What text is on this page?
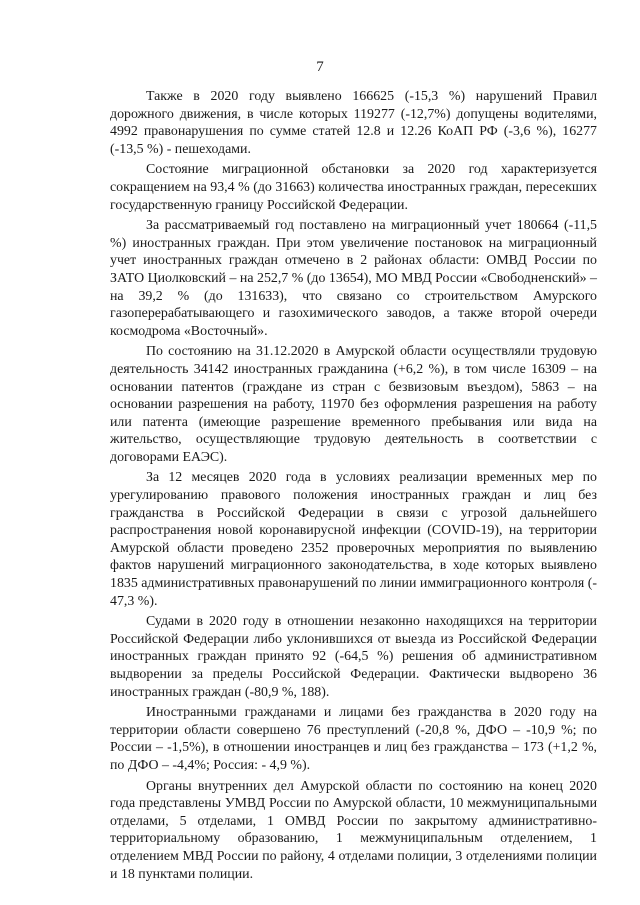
7

Также в 2020 году выявлено 166625 (-15,3 %) нарушений Правил дорожного движения, в числе которых 119277 (-12,7%) допущены водителями, 4992 правонарушения по сумме статей 12.8 и 12.26 КоАП РФ (-3,6 %), 16277 (-13,5 %) - пешеходами.

Состояние миграционной обстановки за 2020 год характеризуется сокращением на 93,4 % (до 31663) количества иностранных граждан, пересекших государственную границу Российской Федерации.

За рассматриваемый год поставлено на миграционный учет 180664 (-11,5 %) иностранных граждан. При этом увеличение постановок на миграционный учет иностранных граждан отмечено в 2 районах области: ОМВД России по ЗАТО Циолковский – на 252,7 % (до 13654), МО МВД России «Свободненский» – на 39,2 % (до 131633), что связано со строительством Амурского газоперерабатывающего и газохимического заводов, а также второй очереди космодрома «Восточный».

По состоянию на 31.12.2020 в Амурской области осуществляли трудовую деятельность 34142 иностранных гражданина (+6,2 %), в том числе 16309 – на основании патентов (граждане из стран с безвизовым въездом), 5863 – на основании разрешения на работу, 11970 без оформления разрешения на работу или патента (имеющие разрешение временного пребывания или вида на жительство, осуществляющие трудовую деятельность в соответствии с договорами ЕАЭС).

За 12 месяцев 2020 года в условиях реализации временных мер по урегулированию правового положения иностранных граждан и лиц без гражданства в Российской Федерации в связи с угрозой дальнейшего распространения новой коронавирусной инфекции (COVID-19), на территории Амурской области проведено 2352 проверочных мероприятия по выявлению фактов нарушений миграционного законодательства, в ходе которых выявлено 1835 административных правонарушений по линии иммиграционного контроля (- 47,3 %).

Судами в 2020 году в отношении незаконно находящихся на территории Российской Федерации либо уклонившихся от выезда из Российской Федерации иностранных граждан принято 92 (-64,5 %) решения об административном выдворении за пределы Российской Федерации. Фактически выдворено 36 иностранных граждан (-80,9 %, 188).

Иностранными гражданами и лицами без гражданства в 2020 году на территории области совершено 76 преступлений (-20,8 %, ДФО – -10,9 %; по России – -1,5%), в отношении иностранцев и лиц без гражданства – 173 (+1,2 %, по ДФО – -4,4%; Россия: - 4,9 %).

Органы внутренних дел Амурской области по состоянию на конец 2020 года представлены УМВД России по Амурской области, 10 межмуниципальными отделами, 5 отделами, 1 ОМВД России по закрытому административно-территориальному образованию, 1 межмуниципальным отделением, 1 отделением МВД России по району, 4 отделами полиции, 3 отделениями полиции и 18 пунктами полиции.
